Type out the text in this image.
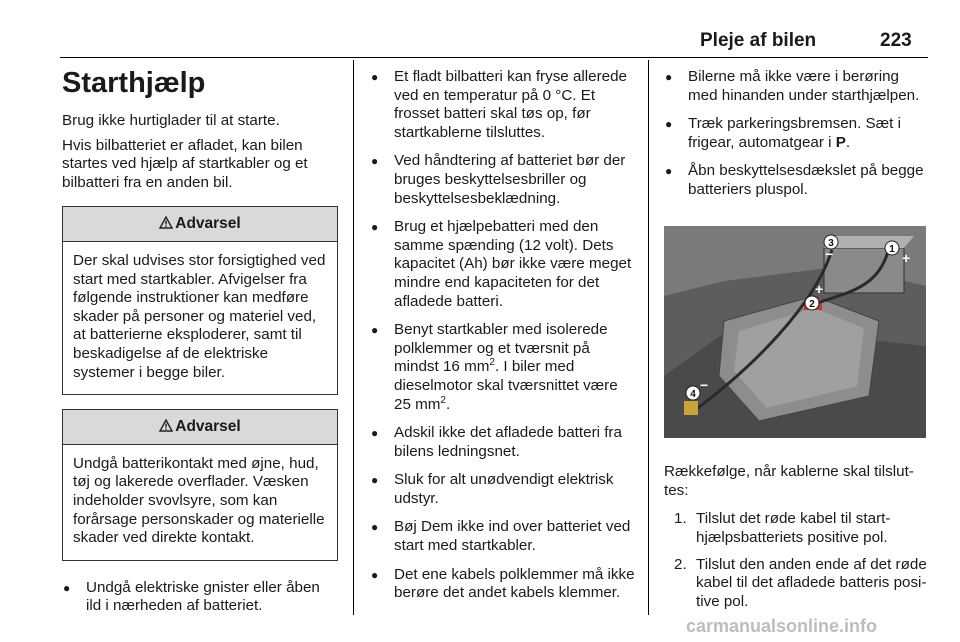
Pleje af bilen	223
Starthjælp

Brug ikke hurtiglader til at starte.

Hvis bilbatteriet er afladet, kan bilen startes ved hjælp af startkabler og et bilbatteri fra en anden bil.

Advarsel
Der skal udvises stor forsigtighed ved start med startkabler. Afvigelser fra følgende instruktioner kan medføre skader på personer og materiel ved, at batterierne eksploderer, samt til beskadigelse af de elektriske systemer i begge biler.
Advarsel
Undgå batterikontakt med øjne, hud, tøj og lakerede overflader. Væsken indeholder svovlsyre, som kan forårsage personskader og materielle skader ved direkte kontakt.
● Undgå elektriske gnister eller åben ild i nærheden af batteriet.
● Et fladt bilbatteri kan fryse allerede ved en temperatur på 0 °C. Et frosset batteri skal tøs op, før startkablerne tilsluttes.
● Ved håndtering af batteriet bør der bruges beskyttelsesbriller og beskyttelsesbeklædning.
● Brug et hjælpebatteri med den samme spænding (12 volt). Dets kapacitet (Ah) bør ikke være meget mindre end kapaciteten for det afladede batteri.
● Benyt startkabler med isolerede polklemmer og et tværsnit på mindst 16 $mm^2$. I biler med dieselmotor skal tværsnittet være 25 $mm^2$.
● Adskil ikke det afladede batteri fra bilens ledningsnet.
● Sluk for alt unødvendigt elektrisk udstyr.
● Bøj Dem ikke ind over batteriet ved start med startkabler.
● Det ene kabels polklemmer må ikke berøre det andet kabels klemmer.
● Bilerne må ikke være i berøring med hinanden under starthjælpen.
● Træk parkeringsbremsen. Sæt i frigear, automatgear i P.
● Åbn beskyttelsesdækslet på begge batteriers pluspol.
1
2
3
4
+
+
−
−

Rækkefølge, når kablerne skal tilsluttes:

1. Tilslut det røde kabel til starthjælpsbatteriets positive pol.
2. Tilslut den anden ende af det røde kabel til det afladede batteris positive pol.
carmanualsonline.info
